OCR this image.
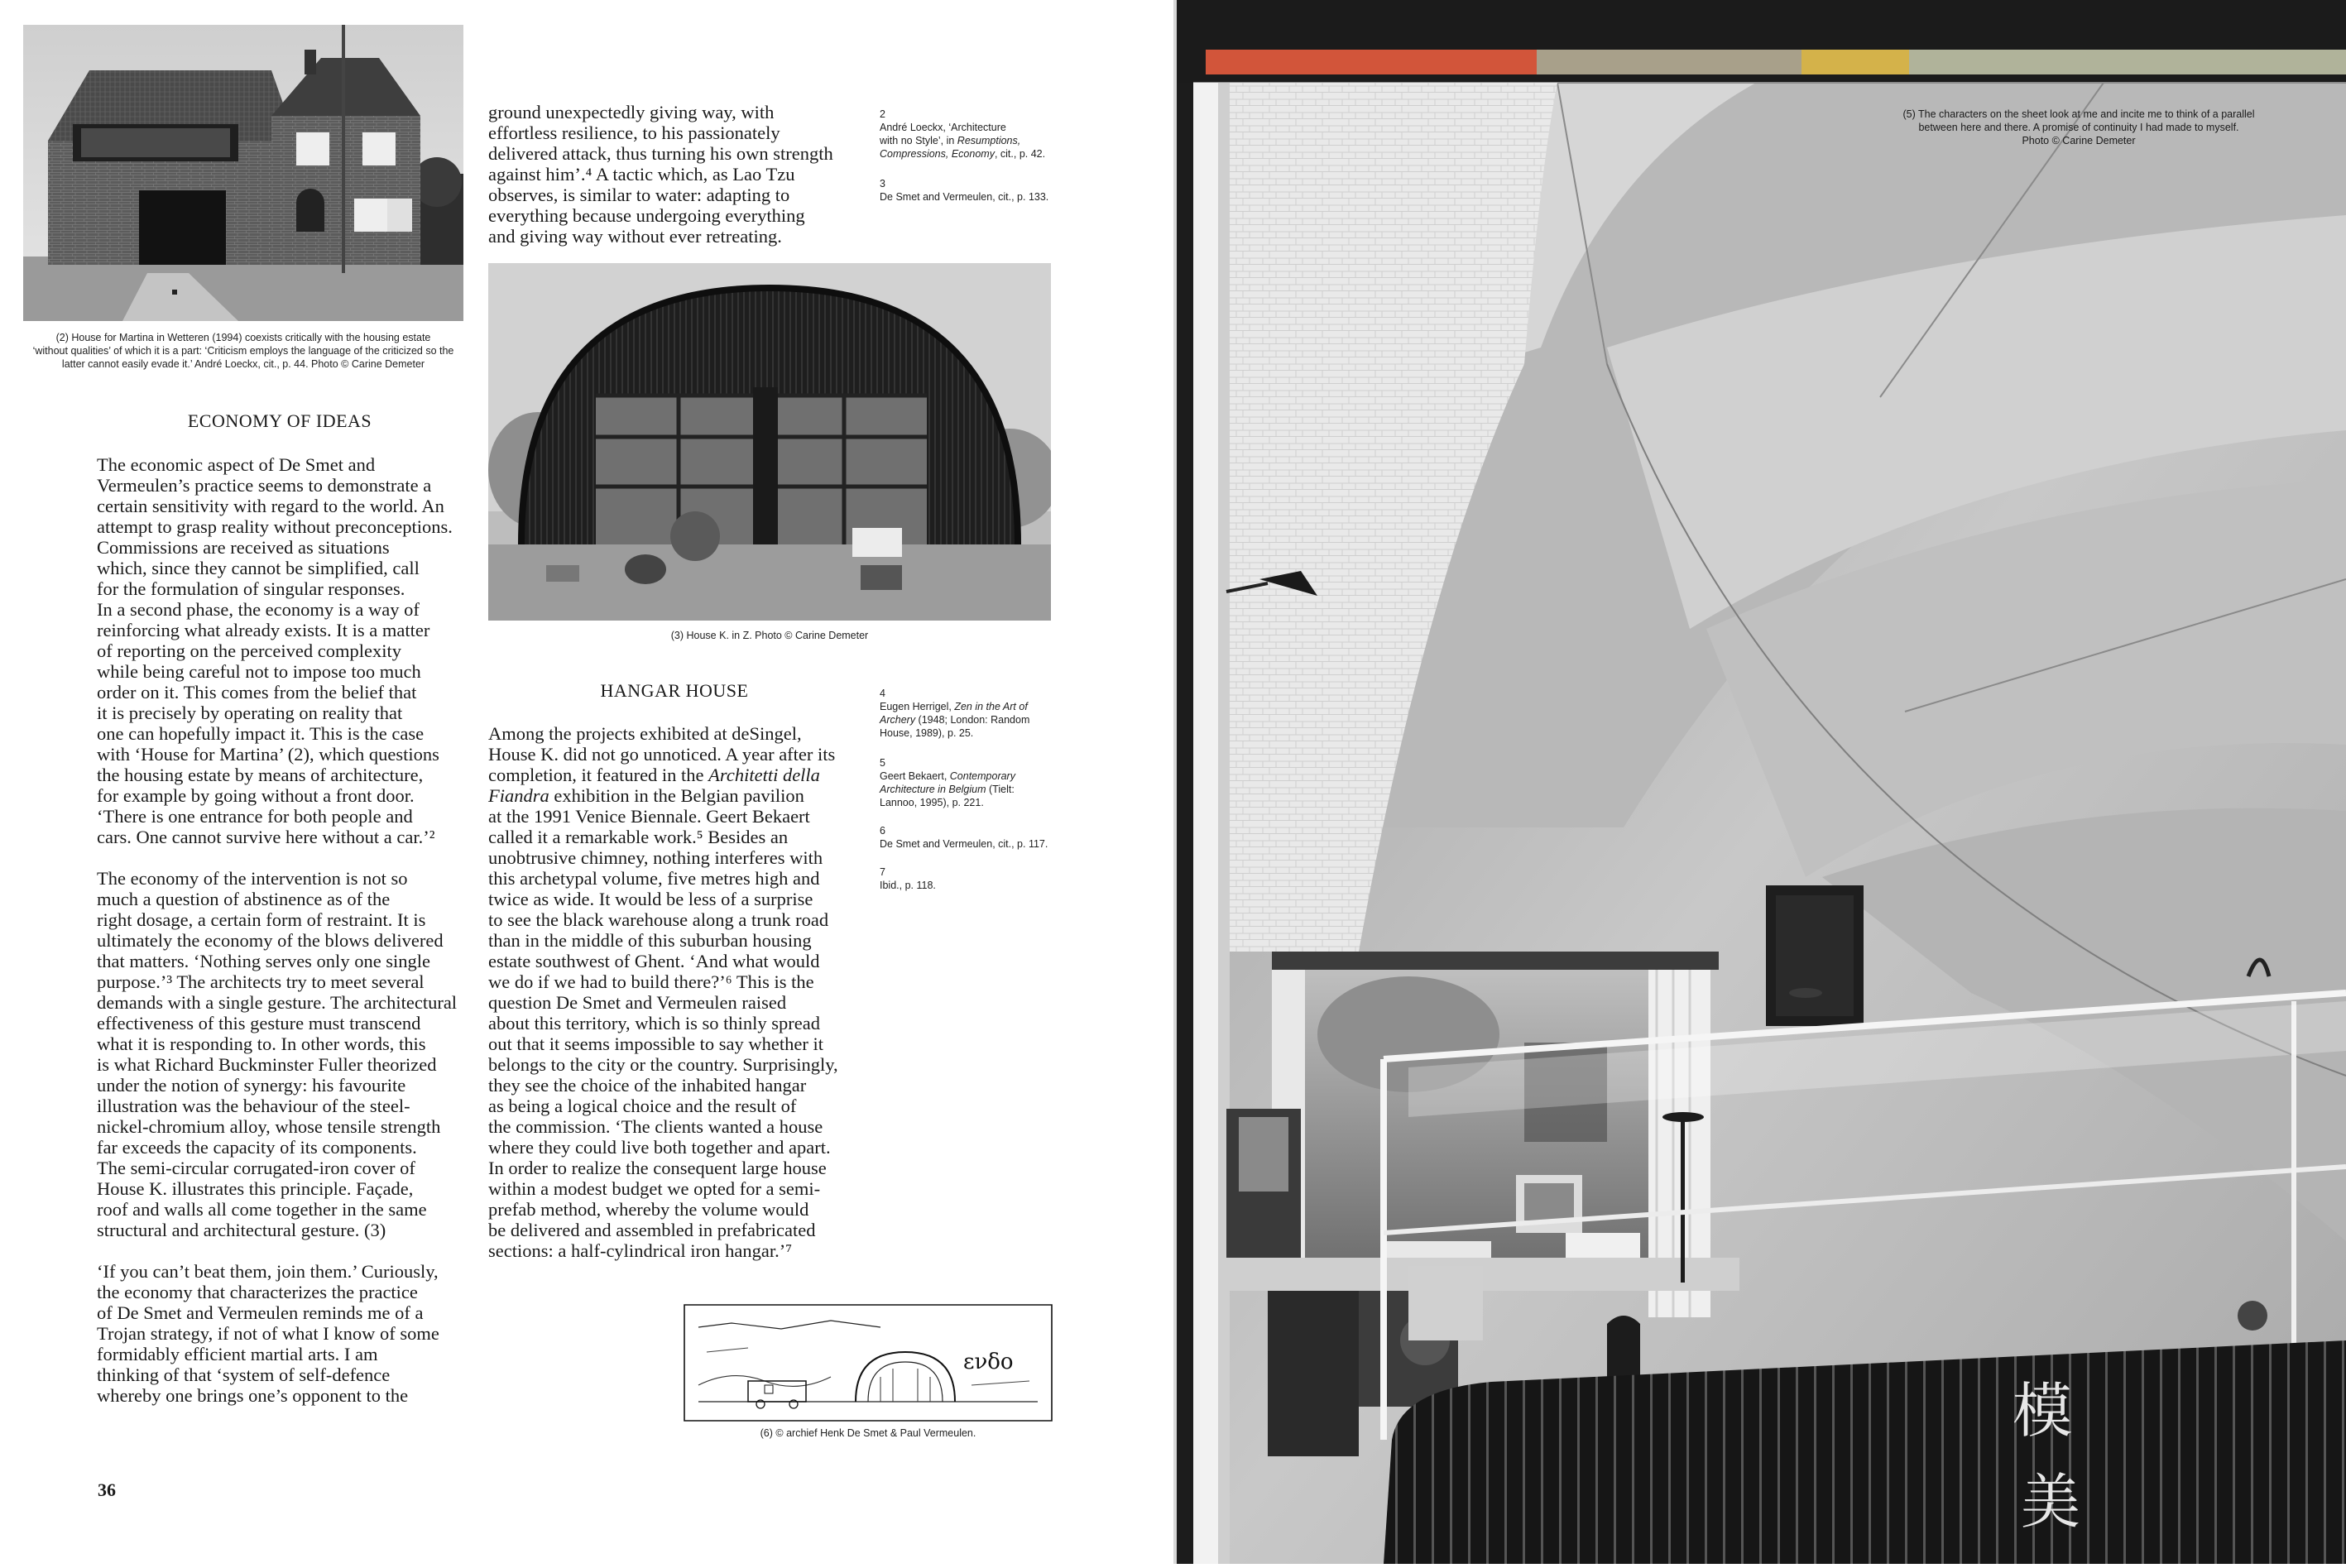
(2) House for Martina in Wetteren (1994) coexists critically with the housing estate
‘without qualities’ of which it is a part: ‘Criticism employs the language of the criticized so the
latter cannot easily evade it.’ André Loeckx, cit., p. 44. Photo © Carine Demeter
ECONOMY OF IDEAS

The economic aspect of De Smet and
Vermeulen’s practice seems to demonstrate a
certain sensitivity with regard to the world. An
attempt to grasp reality without preconceptions.
Commissions are received as situations
which, since they cannot be simplified, call
for the formulation of singular responses.
In a second phase, the economy is a way of
reinforcing what already exists. It is a matter
of reporting on the perceived complexity
while being careful not to impose too much
order on it. This comes from the belief that
it is precisely by operating on reality that
one can hopefully impact it. This is the case
with ‘House for Martina’ (2), which questions
the housing estate by means of architecture,
for example by going without a front door.
‘There is one entrance for both people and
cars. One cannot survive here without a car.’²

The economy of the intervention is not so
much a question of abstinence as of the
right dosage, a certain form of restraint. It is
ultimately the economy of the blows delivered
that matters. ‘Nothing serves only one single
purpose.’³ The architects try to meet several
demands with a single gesture. The architectural
effectiveness of this gesture must transcend
what it is responding to. In other words, this
is what Richard Buckminster Fuller theorized
under the notion of synergy: his favourite
illustration was the behaviour of the steel-
nickel-chromium alloy, whose tensile strength
far exceeds the capacity of its components.
The semi-circular corrugated-iron cover of
House K. illustrates this principle. Façade,
roof and walls all come together in the same
structural and architectural gesture. (3)

‘If you can’t beat them, join them.’ Curiously,
the economy that characterizes the practice
of De Smet and Vermeulen reminds me of a
Trojan strategy, if not of what I know of some
formidably efficient martial arts. I am
thinking of that ‘system of self-defence
whereby one brings one’s opponent to the

36

ground unexpectedly giving way, with
effortless resilience, to his passionately
delivered attack, thus turning his own strength
against him’.⁴ A tactic which, as Lao Tzu
observes, is similar to water: adapting to
everything because undergoing everything
and giving way without ever retreating.

(3) House K. in Z. Photo © Carine Demeter
HANGAR HOUSE

Among the projects exhibited at deSingel,
House K. did not go unnoticed. A year after its
completion, it featured in the Architetti della
Fiandra exhibition in the Belgian pavilion
at the 1991 Venice Biennale. Geert Bekaert
called it a remarkable work.⁵ Besides an
unobtrusive chimney, nothing interferes with
this archetypal volume, five metres high and
twice as wide. It would be less of a surprise
to see the black warehouse along a trunk road
than in the middle of this suburban housing
estate southwest of Ghent. ‘And what would
we do if we had to build there?’⁶ This is the
question De Smet and Vermeulen raised
about this territory, which is so thinly spread
out that it seems impossible to say whether it
belongs to the city or the country. Surprisingly,
they see the choice of the inhabited hangar
as being a logical choice and the result of
the commission. ‘The clients wanted a house
where they could live both together and apart.
In order to realize the consequent large house
within a modest budget we opted for a semi-
prefab method, whereby the volume would
be delivered and assembled in prefabricated
sections: a half-cylindrical iron hangar.’⁷

ενδο
(6) © archief Henk De Smet & Paul Vermeulen.
2
André Loeckx, ‘Architecture
with no Style’, in Resumptions,
Compressions, Economy, cit., p. 42.
3
De Smet and Vermeulen, cit., p. 133.
4
Eugen Herrigel, Zen in the Art of
Archery (1948; London: Random
House, 1989), p. 25.
5
Geert Bekaert, Contemporary
Architecture in Belgium (Tielt:
Lannoo, 1995), p. 221.
6
De Smet and Vermeulen, cit., p. 117.
7
Ibid., p. 118.
模
美
(5) The characters on the sheet look at me and incite me to think of a parallel
between here and there. A promise of continuity I had made to myself.
Photo © Carine Demeter
